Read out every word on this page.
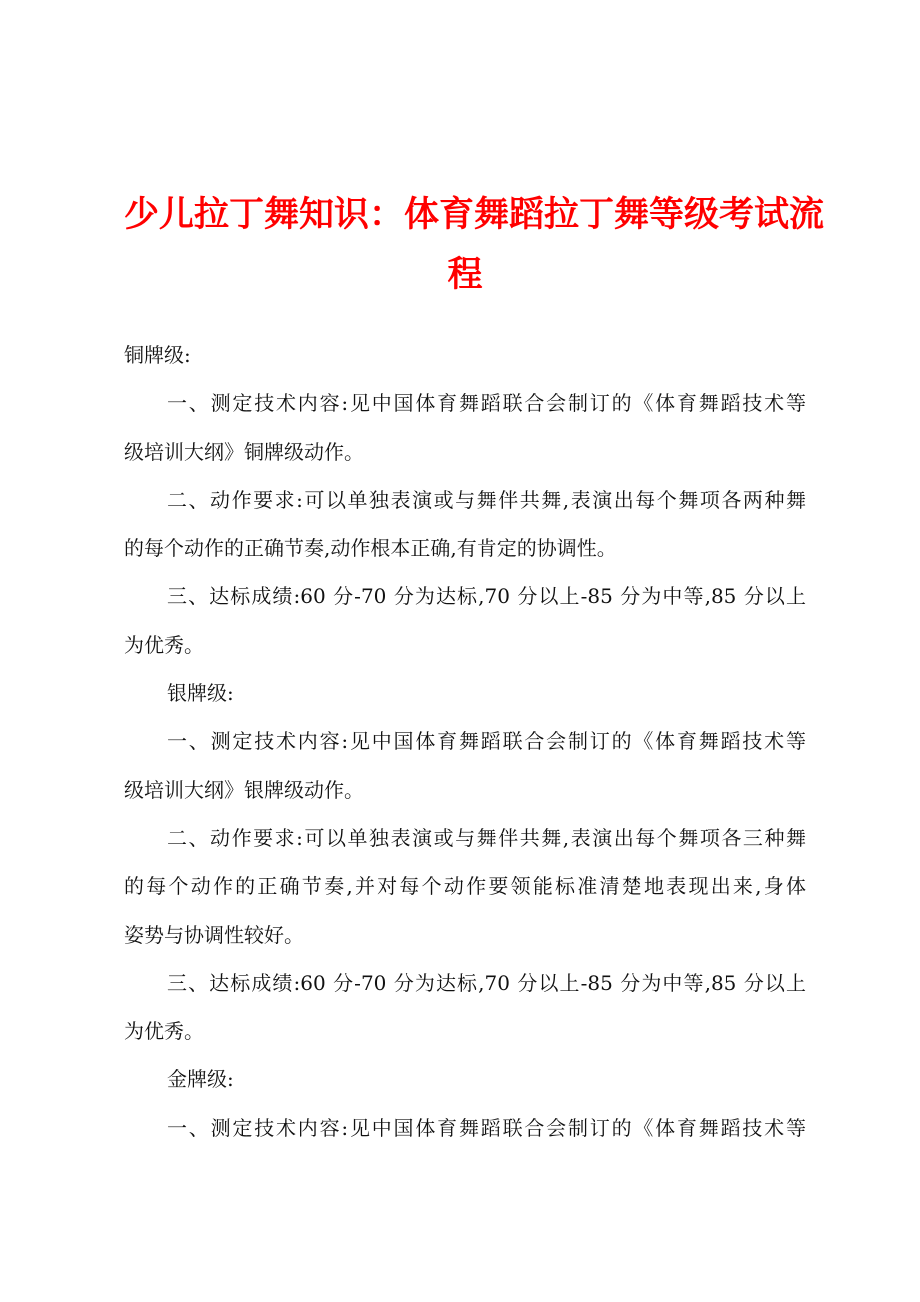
少儿拉丁舞知识：体育舞蹈拉丁舞等级考试流
程
铜牌级:
一、测定技术内容:见中国体育舞蹈联合会制订的《体育舞蹈技术等
级培训大纲》铜牌级动作。
二、动作要求:可以单独表演或与舞伴共舞,表演出每个舞项各两种舞
的每个动作的正确节奏,动作根本正确,有肯定的协调性。
三、达标成绩:60 分-70 分为达标,70 分以上-85 分为中等,85 分以上
为优秀。
银牌级:
一、测定技术内容:见中国体育舞蹈联合会制订的《体育舞蹈技术等
级培训大纲》银牌级动作。
二、动作要求:可以单独表演或与舞伴共舞,表演出每个舞项各三种舞
的每个动作的正确节奏,并对每个动作要领能标准清楚地表现出来,身体
姿势与协调性较好。
三、达标成绩:60 分-70 分为达标,70 分以上-85 分为中等,85 分以上
为优秀。
金牌级:
一、测定技术内容:见中国体育舞蹈联合会制订的《体育舞蹈技术等
